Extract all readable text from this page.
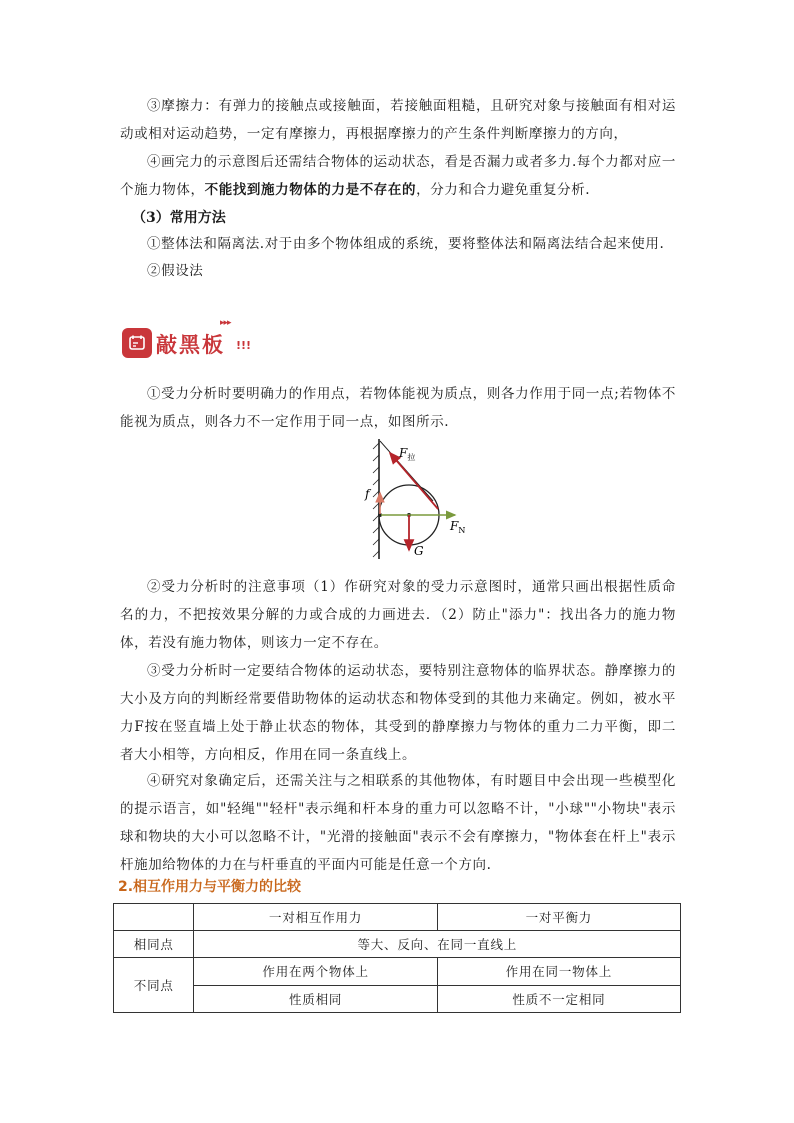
③摩擦力：有弹力的接触点或接触面，若接触面粗糙，且研究对象与接触面有相对运动或相对运动趋势，一定有摩擦力，再根据摩擦力的产生条件判断摩擦力的方向，
④画完力的示意图后还需结合物体的运动状态，看是否漏力或者多力.每个力都对应一个施力物体，不能找到施力物体的力是不存在的，分力和合力避免重复分析.
（3）常用方法
①整体法和隔离法.对于由多个物体组成的系统，要将整体法和隔离法结合起来使用.
②假设法
▸▸▸
敲黑板 !!!
①受力分析时要明确力的作用点，若物体能视为质点，则各力作用于同一点;若物体不能视为质点，则各力不一定作用于同一点，如图所示.
$F_拉$
f
$F_N$
G
②受力分析时的注意事项（1）作研究对象的受力示意图时，通常只画出根据性质命名的力，不把按效果分解的力或合成的力画进去．（2）防止"添力"：找出各力的施力物体，若没有施力物体，则该力一定不存在。
③受力分析时一定要结合物体的运动状态，要特别注意物体的临界状态。静摩擦力的大小及方向的判断经常要借助物体的运动状态和物体受到的其他力来确定。例如，被水平力F按在竖直墙上处于静止状态的物体，其受到的静摩擦力与物体的重力二力平衡，即二者大小相等，方向相反，作用在同一条直线上。
④研究对象确定后，还需关注与之相联系的其他物体，有时题目中会出现一些模型化的提示语言，如"轻绳""轻杆"表示绳和杆本身的重力可以忽略不计，"小球""小物块"表示球和物块的大小可以忽略不计，"光滑的接触面"表示不会有摩擦力，"物体套在杆上"表示杆施加给物体的力在与杆垂直的平面内可能是任意一个方向.
2.相互作用力与平衡力的比较
	一对相互作用力	一对平衡力
相同点	等大、反向、在同一直线上	
不同点	作用在两个物体上	作用在同一物体上
	性质相同	性质不一定相同
